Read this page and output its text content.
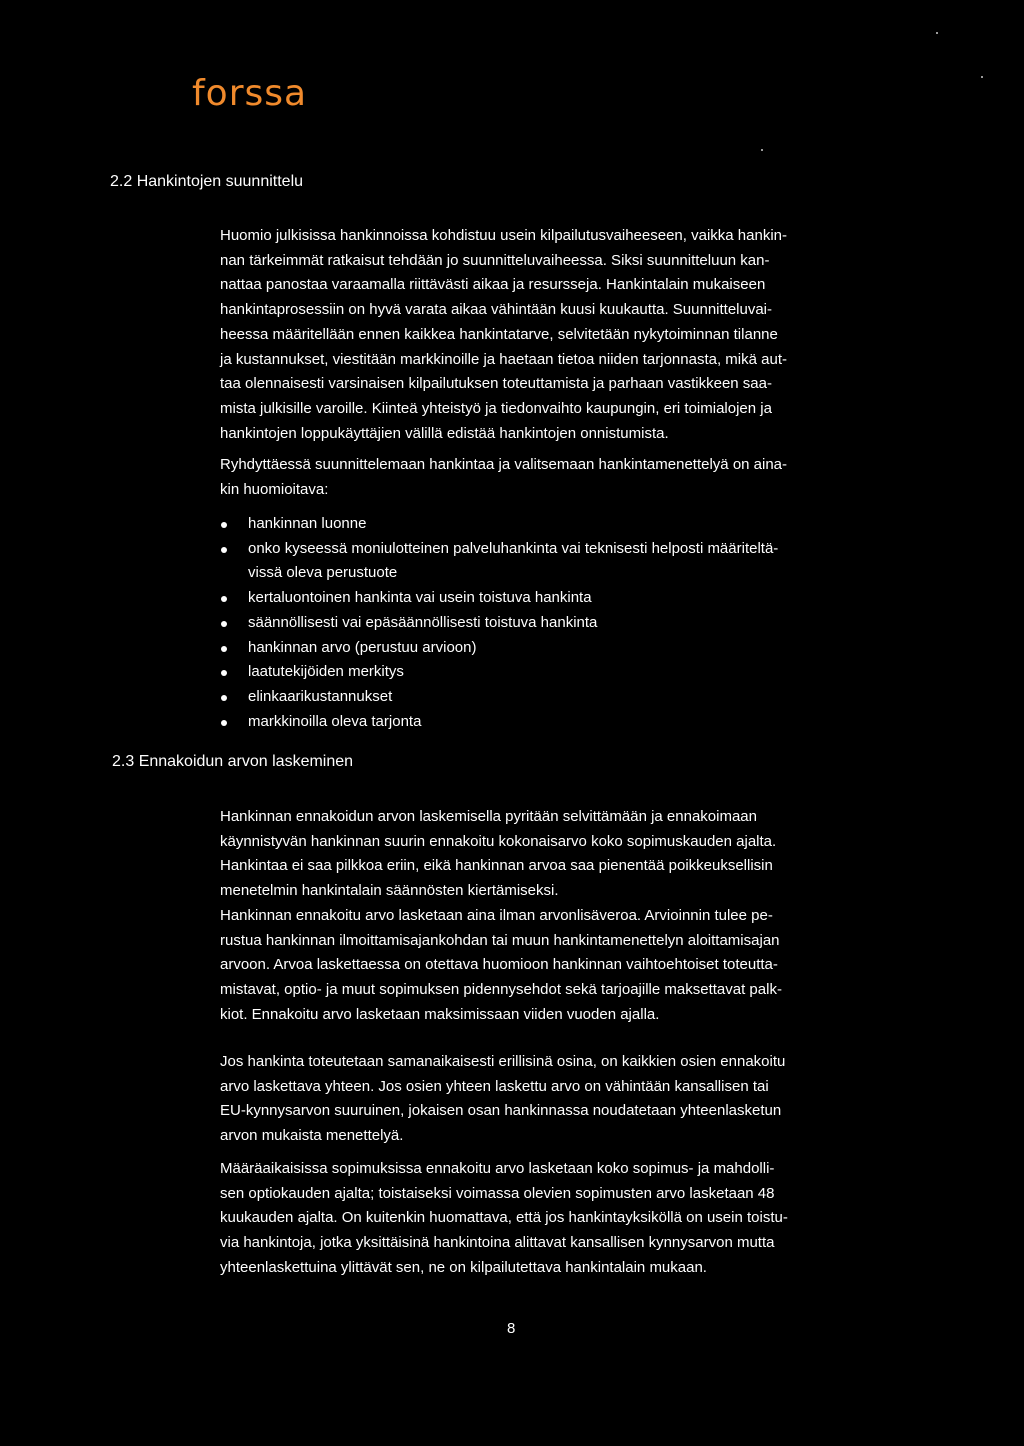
forssa
2.2 Hankintojen suunnittelu

Huomio julkisissa hankinnoissa kohdistuu usein kilpailutusvaiheeseen, vaikka hankin-
nan tärkeimmät ratkaisut tehdään jo suunnitteluvaiheessa. Siksi suunnitteluun kan-
nattaa panostaa varaamalla riittävästi aikaa ja resursseja. Hankintalain mukaiseen
hankintaprosessiin on hyvä varata aikaa vähintään kuusi kuukautta. Suunnitteluvai-
heessa määritellään ennen kaikkea hankintatarve, selvitetään nykytoiminnan tilanne
ja kustannukset, viestitään markkinoille ja haetaan tietoa niiden tarjonnasta, mikä aut-
taa olennaisesti varsinaisen kilpailutuksen toteuttamista ja parhaan vastikkeen saa-
mista julkisille varoille. Kiinteä yhteistyö ja tiedonvaihto kaupungin, eri toimialojen ja
hankintojen loppukäyttäjien välillä edistää hankintojen onnistumista.

Ryhdyttäessä suunnittelemaan hankintaa ja valitsemaan hankintamenettelyä on aina-
kin huomioitava:

hankinnan luonne
onko kyseessä moniulotteinen palveluhankinta vai teknisesti helposti määriteltä-
vissä oleva perustuote
kertaluontoinen hankinta vai usein toistuva hankinta
säännöllisesti vai epäsäännöllisesti toistuva hankinta
hankinnan arvo (perustuu arvioon)
laatutekijöiden merkitys
elinkaarikustannukset
markkinoilla oleva tarjonta
2.3 Ennakoidun arvon laskeminen

Hankinnan ennakoidun arvon laskemisella pyritään selvittämään ja ennakoimaan
käynnistyvän hankinnan suurin ennakoitu kokonaisarvo koko sopimuskauden ajalta.
Hankintaa ei saa pilkkoa eriin, eikä hankinnan arvoa saa pienentää poikkeuksellisin
menetelmin hankintalain säännösten kiertämiseksi.

Hankinnan ennakoitu arvo lasketaan aina ilman arvonlisäveroa. Arvioinnin tulee pe-
rustua hankinnan ilmoittamisajankohdan tai muun hankintamenettelyn aloittamisajan
arvoon. Arvoa laskettaessa on otettava huomioon hankinnan vaihtoehtoiset toteutta-
mistavat, optio- ja muut sopimuksen pidennysehdot sekä tarjoajille maksettavat palk-
kiot. Ennakoitu arvo lasketaan maksimissaan viiden vuoden ajalla.

Jos hankinta toteutetaan samanaikaisesti erillisinä osina, on kaikkien osien ennakoitu
arvo laskettava yhteen. Jos osien yhteen laskettu arvo on vähintään kansallisen tai
EU-kynnysarvon suuruinen, jokaisen osan hankinnassa noudatetaan yhteenlasketun
arvon mukaista menettelyä.

Määräaikaisissa sopimuksissa ennakoitu arvo lasketaan koko sopimus- ja mahdolli-
sen optiokauden ajalta; toistaiseksi voimassa olevien sopimusten arvo lasketaan 48
kuukauden ajalta. On kuitenkin huomattava, että jos hankintayksiköllä on usein toistu-
via hankintoja, jotka yksittäisinä hankintoina alittavat kansallisen kynnysarvon mutta
yhteenlaskettuina ylittävät sen, ne on kilpailutettava hankintalain mukaan.

8
